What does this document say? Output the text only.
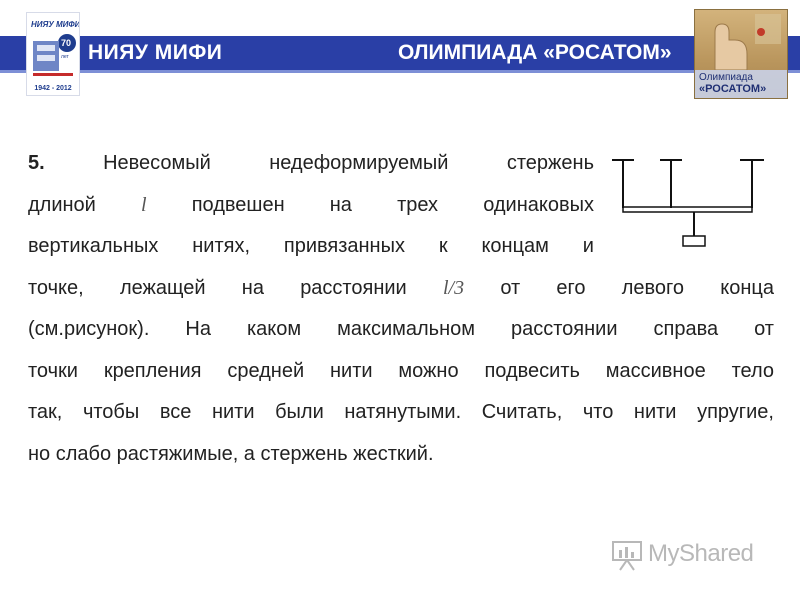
НИЯУ МИФИ
70
лет
1942 - 2012
НИЯУ МИФИ	ОЛИМПИАДА «РОСАТОМ»
Олимпиада
«РОСАТОМ»
5.	Невесомый	недеформируемый	стержень
длиной l подвешен на трех одинаковых
вертикальных нитях, привязанных к концам и
точке, лежащей на расстоянии l/3 от его левого конца
(см.рисунок). На каком максимальном расстоянии справа от
точки крепления средней нити можно подвесить массивное тело
так, чтобы все нити были натянутыми. Считать, что нити упругие,
но слабо растяжимые, а стержень жесткий.
MyShared
